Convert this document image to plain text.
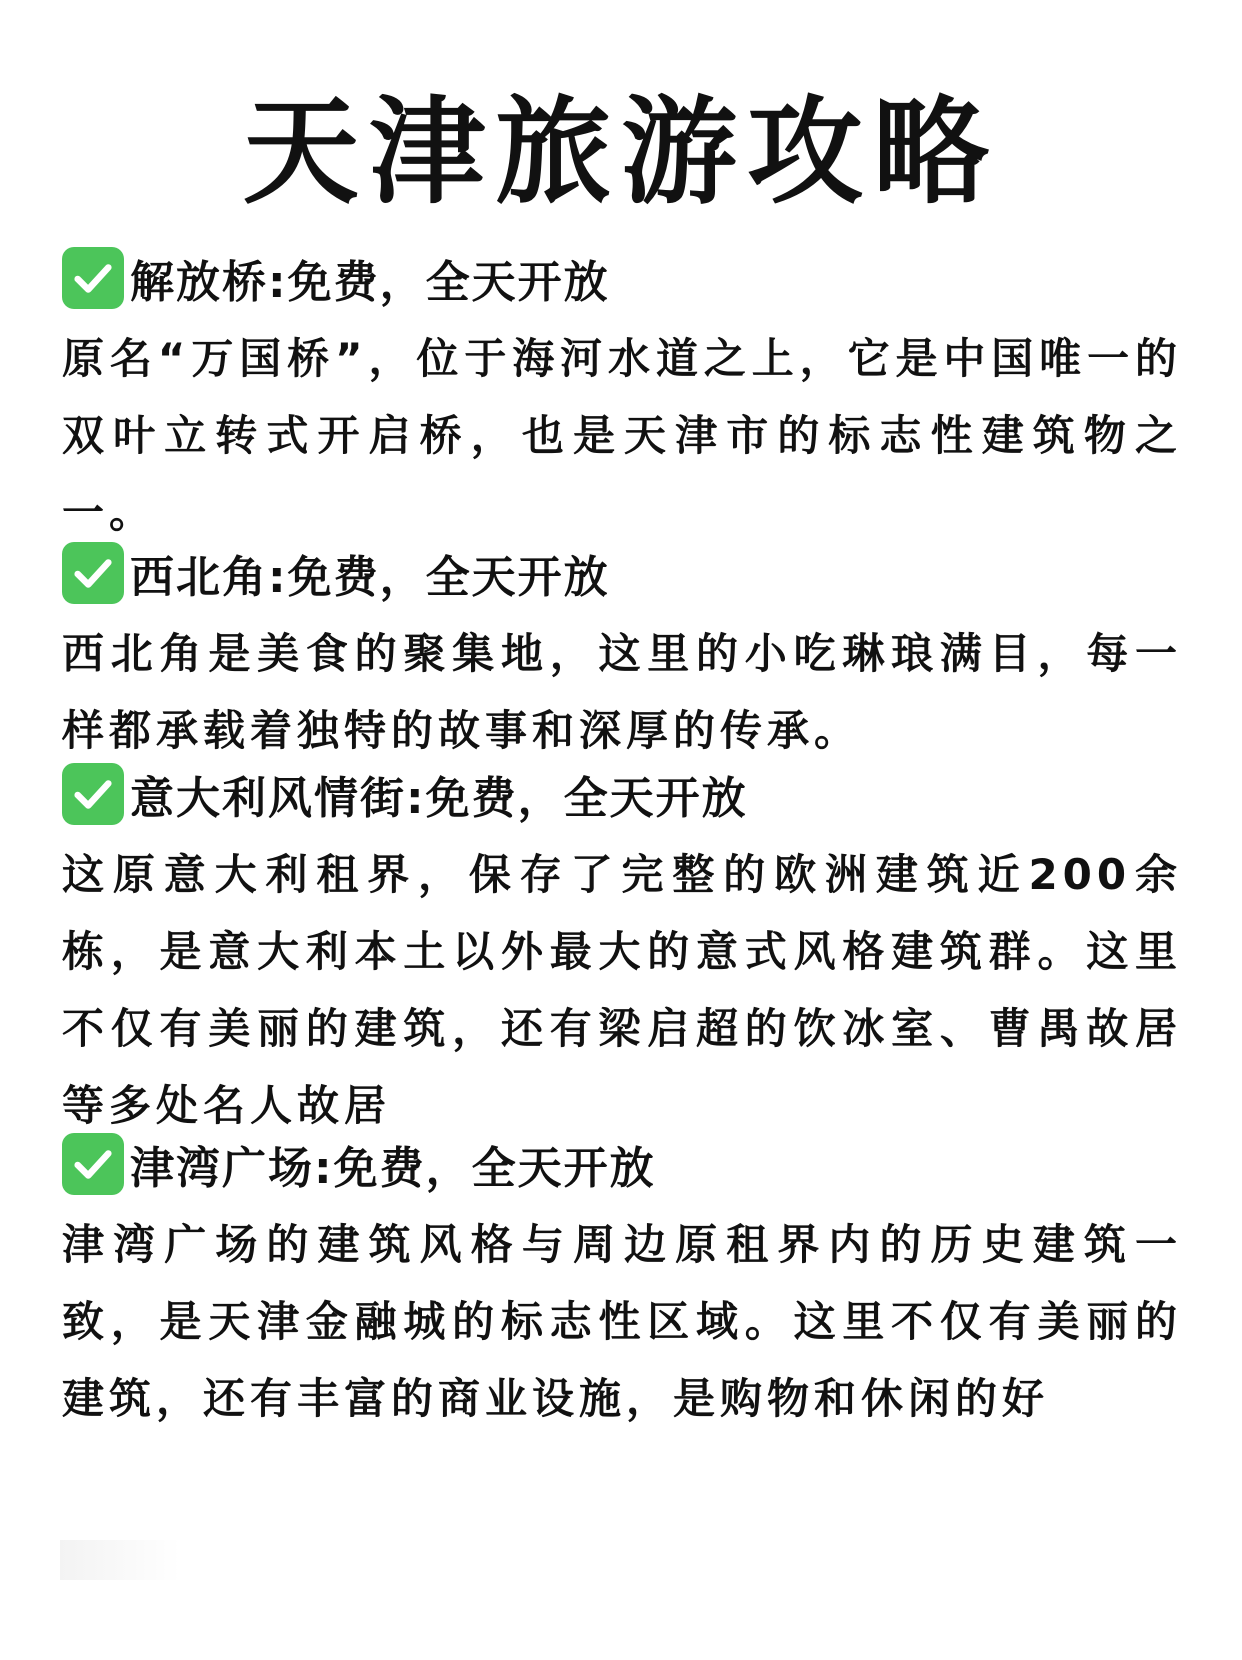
天津旅游攻略
解放桥:免费，全天开放
原名“万国桥”，位于海河水道之上，它是中国唯一的双叶立转式开启桥，也是天津市的标志性建筑物之一。
西北角:免费，全天开放
西北角是美食的聚集地，这里的小吃琳琅满目，每一样都承载着独特的故事和深厚的传承。
意大利风情街:免费，全天开放
这原意大利租界，保存了完整的欧洲建筑近200余栋，是意大利本土以外最大的意式风格建筑群。这里不仅有美丽的建筑，还有梁启超的饮冰室、曹禺故居等多处名人故居
津湾广场:免费，全天开放
津湾广场的建筑风格与周边原租界内的历史建筑一致，是天津金融城的标志性区域。这里不仅有美丽的建筑，还有丰富的商业设施，是购物和休闲的好
